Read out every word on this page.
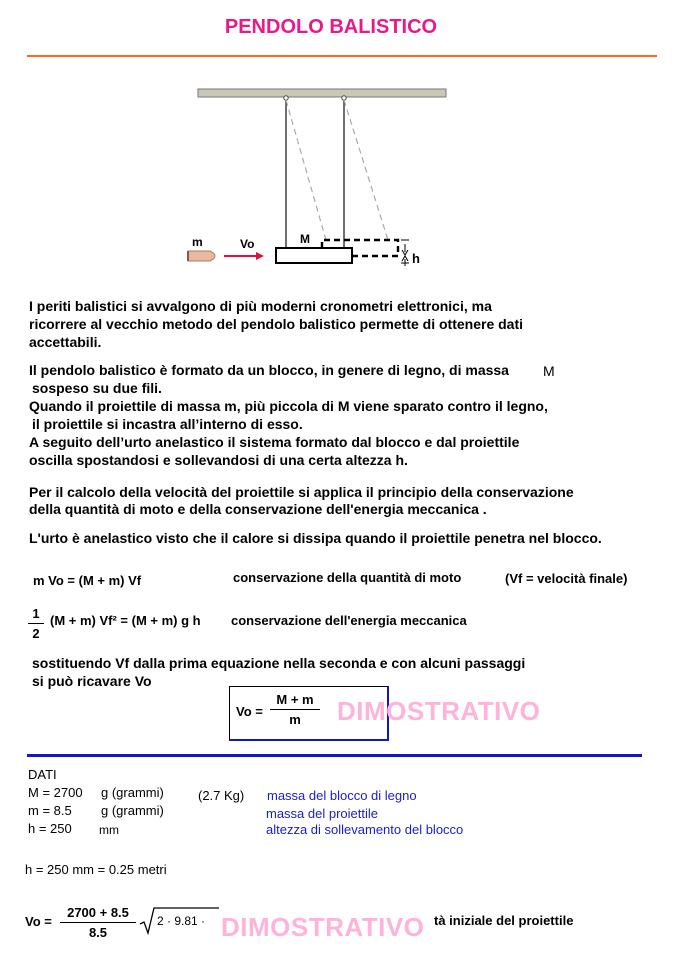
PENDOLO BALISTICO
m	Vo	M
h
I periti balistici si avvalgono di più moderni cronometri elettronici, ma ricorrere al vecchio metodo del pendolo balistico permette di ottenere dati accettabili.
Il pendolo balistico è formato da un blocco, in genere di legno, di massa M
sospeso su due fili.
Quando il proiettile di massa m, più piccola di M viene sparato contro il legno,
il proiettile si incastra all’interno di esso.
A seguito dell’urto anelastico il sistema formato dal blocco e dal proiettile
oscilla spostandosi e sollevandosi di una certa altezza h.
Per il calcolo della velocità del proiettile si applica il principio della conservazione
della quantità di moto e della conservazione dell'energia meccanica .
L'urto è anelastico visto che il calore si dissipa quando il proiettile penetra nel blocco.
m Vo = (M + m) Vf	conservazione della quantità di moto	(Vf = velocità finale)
1
2
(M + m) Vf² = (M + m) g h conservazione dell'energia meccanica
sostituendo Vf dalla prima equazione nella seconda e con alcuni passaggi
si può ricavare Vo
Vo =
M + m
m	DIMOSTRATIVO
DATI
M = 2700 g (grammi)	(2.7 Kg) massa del blocco di legno
m = 8.5 g (grammi)	massa del proiettile
h = 250 mm	altezza di sollevamento del blocco
h = 250 mm = 0.25 metri
Vo =
2700 + 8.5
8.5
2 · 9.81 · DIMOSTRATIVO tà iniziale del proiettile
